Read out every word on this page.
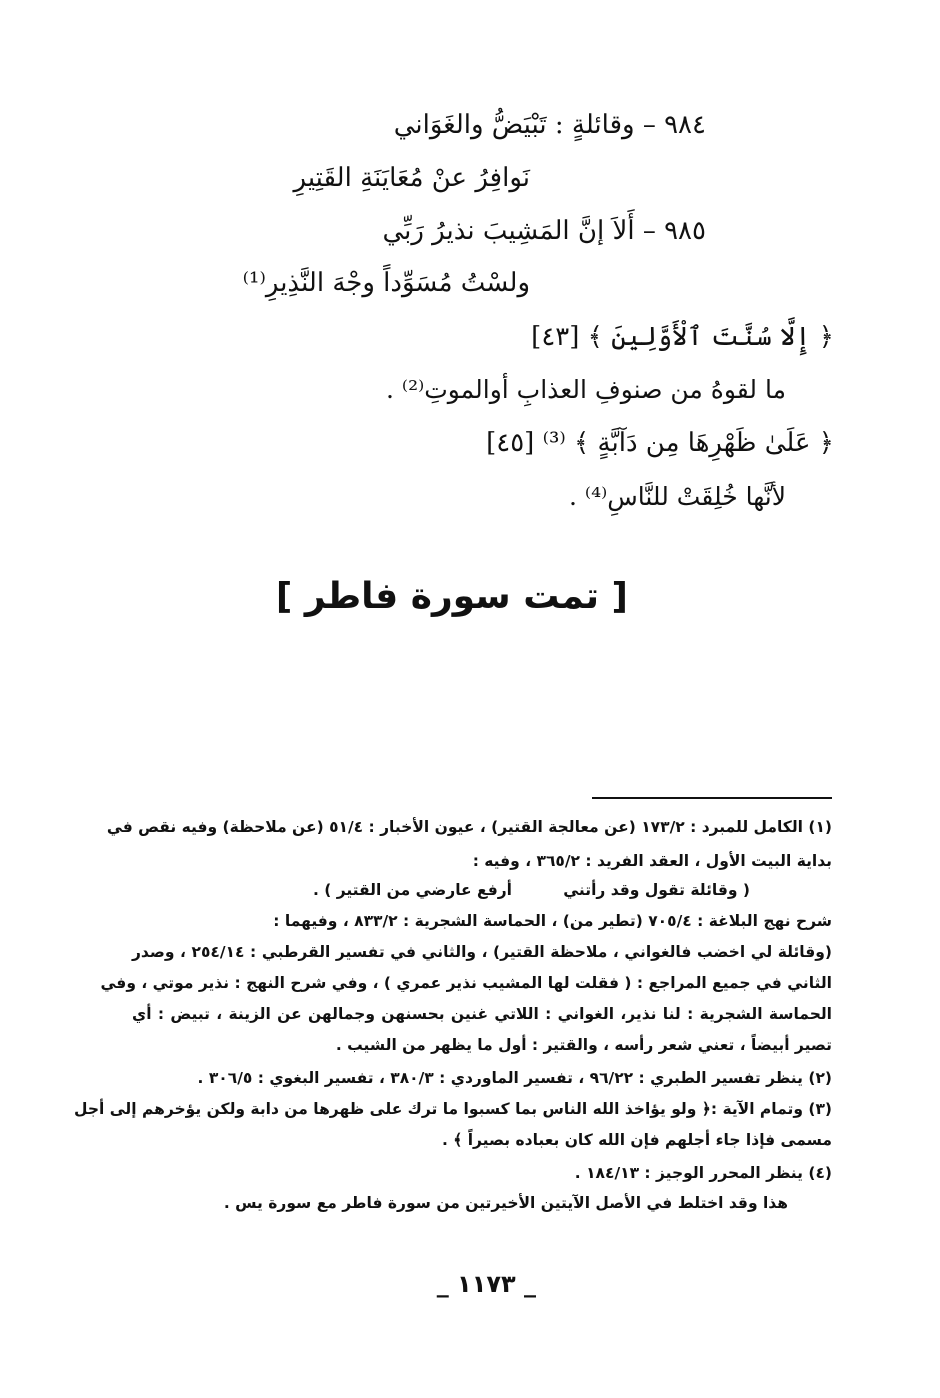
٩٨٤ – وقائلةٍ : تَبْيَضُّ والغَوَاني
نَوافِرُ عنْ مُعَايَنَةِ القَتِيرِ
٩٨٥ – أَلاَ إنَّ المَشِيبَ نذيرُ رَبِّي
ولسْتُ مُسَوِّداً وجْهَ النَّذِيرِ⁽¹⁾
﴿ إِلَّا سُنَّتَ ٱلْأَوَّلِينَ ﴾ [٤٣]
ما لقوهُ من صنوفِ العذابِ أوالموتِ⁽²⁾ .
﴿ عَلَىٰ ظَهْرِهَا مِن دَآبَّةٍ ﴾ ⁽³⁾ [٤٥]
لأنَّها خُلِقَتْ للنَّاسِ⁽⁴⁾ .
[ تمت سورة فاطر ]
(١) الكامل للمبرد : ١٧٣/٢ (عن معالجة القتير) ، عيون الأخبار : ٥١/٤ (عن ملاحظة) وفيه نقص في
بداية البيت الأول ، العقد الفريد : ٣٦٥/٢ ، وفيه :
( وقائلة تقول وقد رأتني
أرفع عارضي من القتير ) .
شرح نهج البلاغة : ٧٠٥/٤ (تطير من) ، الحماسة الشجرية : ٨٣٣/٢ ، وفيهما :
(وقائلة لي اخضب فالغواني ، ملاحظة القتير) ، والثاني في تفسير القرطبي : ٢٥٤/١٤ ، وصدر
الثاني في جميع المراجع : ( فقلت لها المشيب نذير عمري ) ، وفي شرح النهج : نذير موتي ، وفي
الحماسة الشجرية : لنا نذير، الغواني : اللاتي غنين بحسنهن وجمالهن عن الزينة ، تبيض : أي
تصير أبيضاً ، تعني شعر رأسه ، والقتير : أول ما يظهر من الشيب .
(٢) ينظر تفسير الطبري : ٩٦/٢٢ ، تفسير الماوردي : ٣٨٠/٣ ، تفسير البغوي : ٣٠٦/٥ .
(٣) وتمام الآية :﴿ ولو يؤاخذ الله الناس بما كسبوا ما ترك على ظهرها من دابة ولكن يؤخرهم إلى أجل
مسمى فإذا جاء أجلهم فإن الله كان بعباده بصيراً ﴾ .
(٤) ينظر المحرر الوجيز : ١٨٤/١٣ .
هذا وقد اختلط في الأصل الآيتين الأخيرتين من سورة فاطر مع سورة يس .
_ ١١٧٣ _
